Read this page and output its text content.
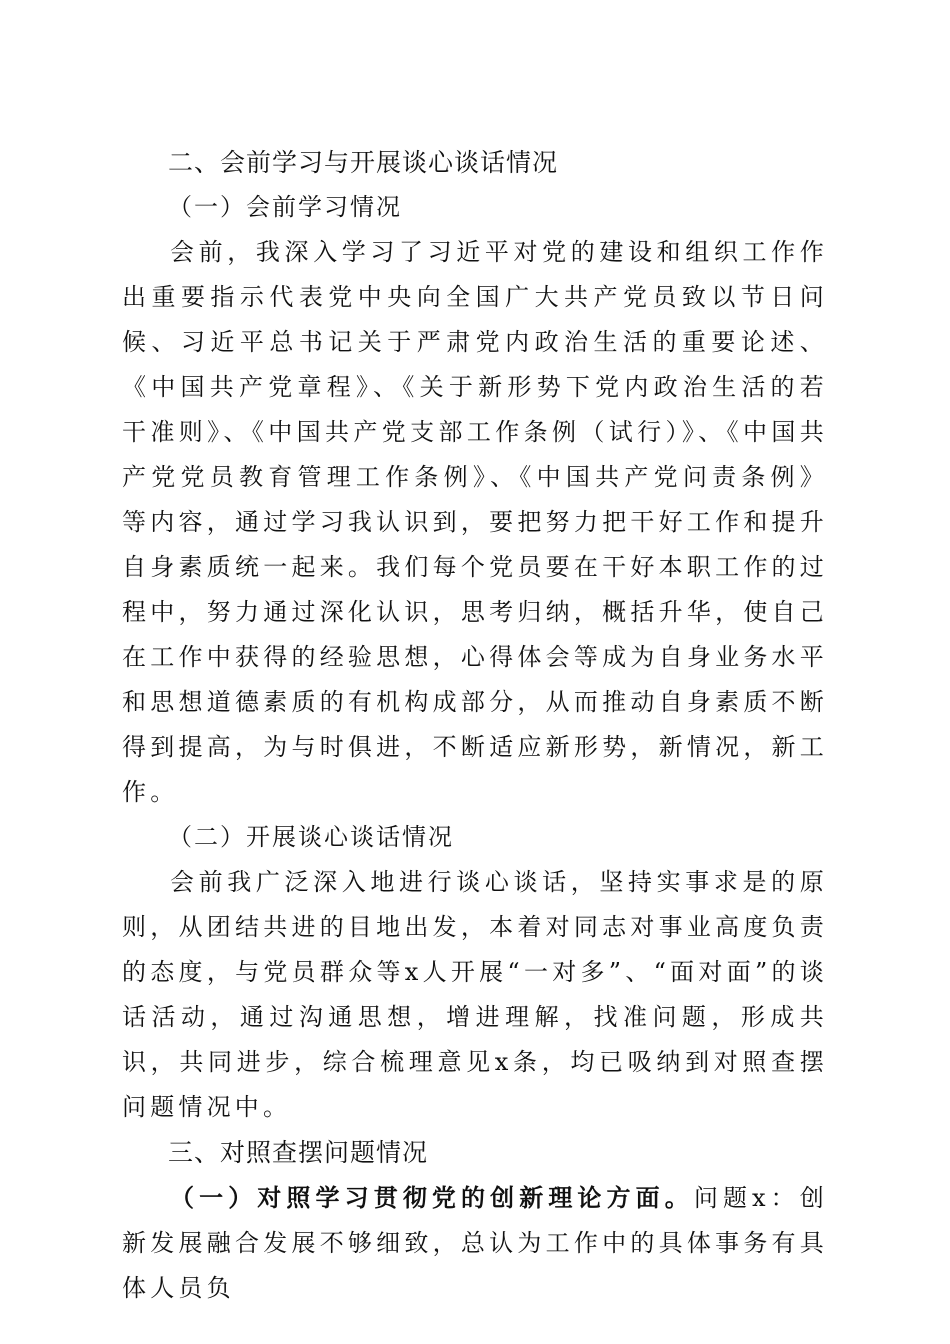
二、会前学习与开展谈心谈话情况
（一）会前学习情况

会前，我深入学习了习近平对党的建设和组织工作作出重要指示代表党中央向全国广大共产党员致以节日问候、习近平总书记关于严肃党内政治生活的重要论述、《中国共产党章程》、《关于新形势下党内政治生活的若干准则》、《中国共产党支部工作条例（试行）》、《中国共产党党员教育管理工作条例》、《中国共产党问责条例》等内容，通过学习我认识到，要把努力把干好工作和提升自身素质统一起来。我们每个党员要在干好本职工作的过程中，努力通过深化认识，思考归纳，概括升华，使自己在工作中获得的经验思想，心得体会等成为自身业务水平和思想道德素质的有机构成部分，从而推动自身素质不断得到提高，为与时俱进，不断适应新形势，新情况，新工作。

（二）开展谈心谈话情况

会前我广泛深入地进行谈心谈话，坚持实事求是的原则，从团结共进的目地出发，本着对同志对事业高度负责的态度，与党员群众等x人开展“一对多”、“面对面”的谈话活动，通过沟通思想，增进理解，找准问题，形成共识，共同进步，综合梳理意见x条，均已吸纳到对照查摆问题情况中。

三、对照查摆问题情况

（一）对照学习贯彻党的创新理论方面。问题x：创新发展融合发展不够细致，总认为工作中的具体事务有具体人员负
